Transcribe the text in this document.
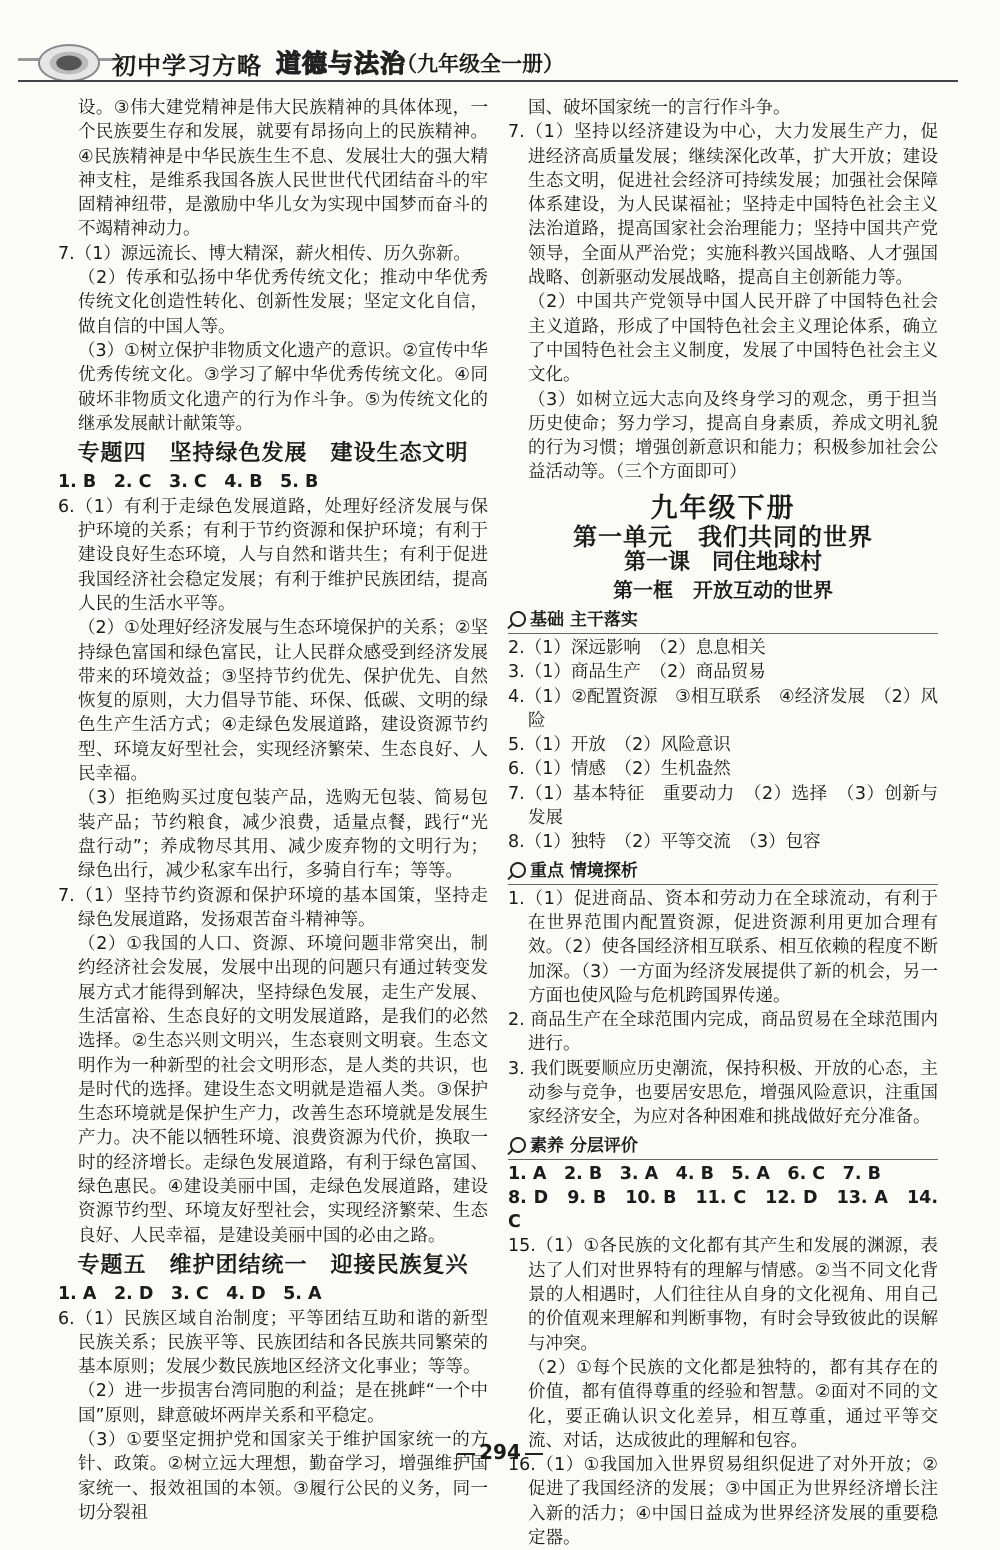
初中学习方略 道德与法治
（九年级全一册）

设。③伟大建党精神是伟大民族精神的具体体现，一个民族要生存和发展，就要有昂扬向上的民族精神。④民族精神是中华民族生生不息、发展壮大的强大精神支柱，是维系我国各族人民世世代代团结奋斗的牢固精神纽带，是激励中华儿女为实现中国梦而奋斗的不竭精神动力。

7.（1）源远流长、博大精深，薪火相传、历久弥新。

（2）传承和弘扬中华优秀传统文化；推动中华优秀传统文化创造性转化、创新性发展；坚定文化自信，做自信的中国人等。

（3）①树立保护非物质文化遗产的意识。②宣传中华优秀传统文化。③学习了解中华优秀传统文化。④同破坏非物质文化遗产的行为作斗争。⑤为传统文化的继承发展献计献策等。

专题四　坚持绿色发展　建设生态文明

1. B　2. C　3. C　4. B　5. B

6.（1）有利于走绿色发展道路，处理好经济发展与保护环境的关系；有利于节约资源和保护环境；有利于建设良好生态环境，人与自然和谐共生；有利于促进我国经济社会稳定发展；有利于维护民族团结，提高人民的生活水平等。

（2）①处理好经济发展与生态环境保护的关系；②坚持绿色富国和绿色富民，让人民群众感受到经济发展带来的环境效益；③坚持节约优先、保护优先、自然恢复的原则，大力倡导节能、环保、低碳、文明的绿色生产生活方式；④走绿色发展道路，建设资源节约型、环境友好型社会，实现经济繁荣、生态良好、人民幸福。

（3）拒绝购买过度包装产品，选购无包装、简易包装产品；节约粮食，减少浪费，适量点餐，践行“光盘行动”；养成物尽其用、减少废弃物的文明行为；绿色出行，减少私家车出行，多骑自行车；等等。

7.（1）坚持节约资源和保护环境的基本国策，坚持走绿色发展道路，发扬艰苦奋斗精神等。

（2）①我国的人口、资源、环境问题非常突出，制约经济社会发展，发展中出现的问题只有通过转变发展方式才能得到解决，坚持绿色发展，走生产发展、生活富裕、生态良好的文明发展道路，是我们的必然选择。②生态兴则文明兴，生态衰则文明衰。生态文明作为一种新型的社会文明形态，是人类的共识，也是时代的选择。建设生态文明就是造福人类。③保护生态环境就是保护生产力，改善生态环境就是发展生产力。决不能以牺牲环境、浪费资源为代价，换取一时的经济增长。走绿色发展道路，有利于绿色富国、绿色惠民。④建设美丽中国，走绿色发展道路，建设资源节约型、环境友好型社会，实现经济繁荣、生态良好、人民幸福，是建设美丽中国的必由之路。

专题五　维护团结统一　迎接民族复兴

1. A　2. D　3. C　4. D　5. A

6.（1）民族区域自治制度；平等团结互助和谐的新型民族关系；民族平等、民族团结和各民族共同繁荣的基本原则；发展少数民族地区经济文化事业；等等。

（2）进一步损害台湾同胞的利益；是在挑衅“一个中国”原则，肆意破坏两岸关系和平稳定。

（3）①要坚定拥护党和国家关于维护国家统一的方针、政策。②树立远大理想，勤奋学习，增强维护国家统一、报效祖国的本领。③履行公民的义务，同一切分裂祖

国、破坏国家统一的言行作斗争。

7.（1）坚持以经济建设为中心，大力发展生产力，促进经济高质量发展；继续深化改革，扩大开放；建设生态文明，促进社会经济可持续发展；加强社会保障体系建设，为人民谋福祉；坚持走中国特色社会主义法治道路，提高国家社会治理能力；坚持中国共产党领导，全面从严治党；实施科教兴国战略、人才强国战略、创新驱动发展战略，提高自主创新能力等。

（2）中国共产党领导中国人民开辟了中国特色社会主义道路，形成了中国特色社会主义理论体系，确立了中国特色社会主义制度，发展了中国特色社会主义文化。

（3）如树立远大志向及终身学习的观念，勇于担当历史使命；努力学习，提高自身素质，养成文明礼貌的行为习惯；增强创新意识和能力；积极参加社会公益活动等。（三个方面即可）

九年级下册
第一单元　我们共同的世界
第一课　同住地球村
第一框　开放互动的世界
基础 主干落实

2.（1）深远影响　（2）息息相关

3.（1）商品生产　（2）商品贸易

4.（1）②配置资源　③相互联系　④经济发展　（2）风险

5.（1）开放　（2）风险意识

6.（1）情感　（2）生机盎然

7.（1）基本特征　重要动力　（2）选择　（3）创新与发展

8.（1）独特　（2）平等交流　（3）包容

重点 情境探析

1.（1）促进商品、资本和劳动力在全球流动，有利于在世界范围内配置资源，促进资源利用更加合理有效。（2）使各国经济相互联系、相互依赖的程度不断加深。（3）一方面为经济发展提供了新的机会，另一方面也使风险与危机跨国界传递。

2. 商品生产在全球范围内完成，商品贸易在全球范围内进行。

3. 我们既要顺应历史潮流，保持积极、开放的心态，主动参与竞争，也要居安思危，增强风险意识，注重国家经济安全，为应对各种困难和挑战做好充分准备。

素养 分层评价

1. A　2. B　3. A　4. B　5. A　6. C　7. B

8. D　9. B　10. B　11. C　12. D　13. A　14. C

15.（1）①各民族的文化都有其产生和发展的渊源，表达了人们对世界特有的理解与情感。②当不同文化背景的人相遇时，人们往往从自身的文化视角、用自己的价值观来理解和判断事物，有时会导致彼此的误解与冲突。

（2）①每个民族的文化都是独特的，都有其存在的价值，都有值得尊重的经验和智慧。②面对不同的文化，要正确认识文化差异，相互尊重，通过平等交流、对话，达成彼此的理解和包容。

16.（1）①我国加入世界贸易组织促进了对外开放；②促进了我国经济的发展；③中国正为世界经济增长注入新的活力；④中国日益成为世界经济发展的重要稳定器。

294
